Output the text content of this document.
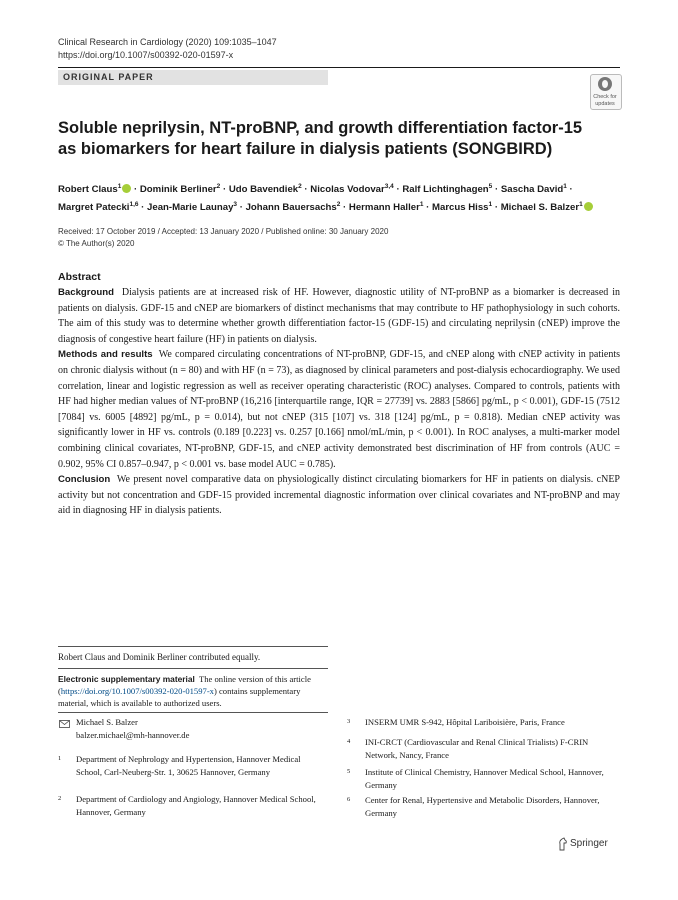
Clinical Research in Cardiology (2020) 109:1035–1047
https://doi.org/10.1007/s00392-020-01597-x
ORIGINAL PAPER
Check for
updates
Soluble neprilysin, NT-proBNP, and growth differentiation factor-15
as biomarkers for heart failure in dialysis patients (SONGBIRD)
Robert Claus$^1$ · Dominik Berliner$^2$ · Udo Bavendiek$^2$ · Nicolas Vodovar$^{3,4}$ · Ralf Lichtinghagen$^5$ · Sascha David$^1$ ·
Margret Patecki$^{1,6}$ · Jean-Marie Launay$^3$ · Johann Bauersachs$^2$ · Hermann Haller$^1$ · Marcus Hiss$^1$ · Michael S. Balzer$^1$
Received: 17 October 2019 / Accepted: 13 January 2020 / Published online: 30 January 2020
© The Author(s) 2020
Abstract

Background Dialysis patients are at increased risk of HF. However, diagnostic utility of NT-proBNP as a biomarker is decreased in patients on dialysis. GDF-15 and cNEP are biomarkers of distinct mechanisms that may contribute to HF pathophysiology in such cohorts. The aim of this study was to determine whether growth differentiation factor-15 (GDF-15) and circulating neprilysin (cNEP) improve the diagnosis of congestive heart failure (HF) in patients on dialysis.

Methods and results We compared circulating concentrations of NT-proBNP, GDF-15, and cNEP along with cNEP activity in patients on chronic dialysis without (n = 80) and with HF (n = 73), as diagnosed by clinical parameters and post-dialysis echocardiography. We used correlation, linear and logistic regression as well as receiver operating characteristic (ROC) analyses. Compared to controls, patients with HF had higher median values of NT-proBNP (16,216 [interquartile range, IQR = 27739] vs. 2883 [5866] pg/mL, p < 0.001), GDF-15 (7512 [7084] vs. 6005 [4892] pg/mL, p = 0.014), but not cNEP (315 [107] vs. 318 [124] pg/mL, p = 0.818). Median cNEP activity was significantly lower in HF vs. controls (0.189 [0.223] vs. 0.257 [0.166] nmol/mL/min, p < 0.001). In ROC analyses, a multi-marker model combining clinical covariates, NT-proBNP, GDF-15, and cNEP activity demonstrated best discrimination of HF from controls (AUC = 0.902, 95% CI 0.857–0.947, p < 0.001 vs. base model AUC = 0.785).

Conclusion We present novel comparative data on physiologically distinct circulating biomarkers for HF in patients on dialysis. cNEP activity but not concentration and GDF-15 provided incremental diagnostic information over clinical covariates and NT-proBNP and may aid in diagnosing HF in dialysis patients.

Robert Claus and Dominik Berliner contributed equally.
Electronic supplementary material The online version of this article (https://doi.org/10.1007/s00392-020-01597-x) contains supplementary material, which is available to authorized users.
Michael S. Balzer
balzer.michael@mh-hannover.de
1 Department of Nephrology and Hypertension, Hannover Medical School, Carl-Neuberg-Str. 1, 30625 Hannover, Germany
2 Department of Cardiology and Angiology, Hannover Medical School, Hannover, Germany
3 INSERM UMR S-942, Hôpital Lariboisière, Paris, France
4 INI-CRCT (Cardiovascular and Renal Clinical Trialists) F-CRIN Network, Nancy, France
5 Institute of Clinical Chemistry, Hannover Medical School, Hannover, Germany
6 Center for Renal, Hypertensive and Metabolic Disorders, Hannover, Germany
Springer
